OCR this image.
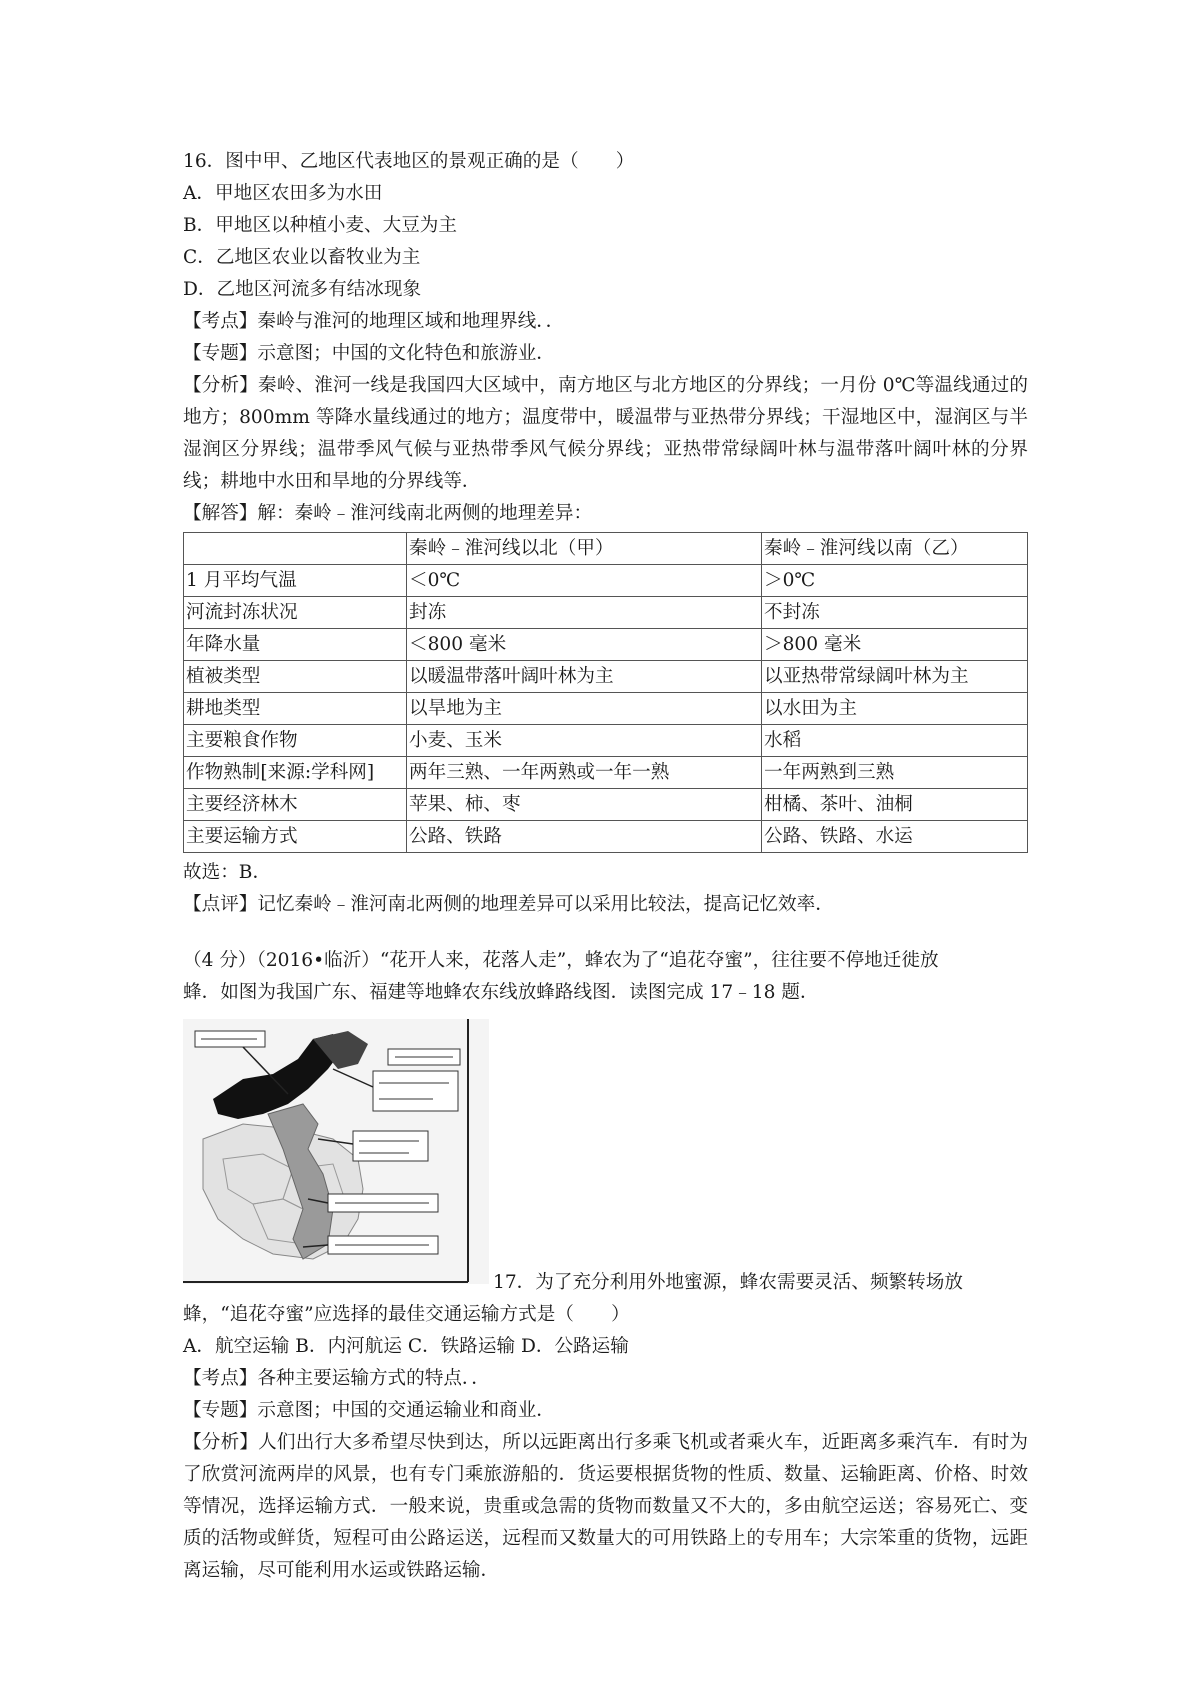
16．图中甲、乙地区代表地区的景观正确的是（　　）
A．甲地区农田多为水田
B．甲地区以种植小麦、大豆为主
C．乙地区农业以畜牧业为主
D．乙地区河流多有结冰现象
【考点】秦岭与淮河的地理区域和地理界线．．
【专题】示意图；中国的文化特色和旅游业．
【分析】秦岭、淮河一线是我国四大区域中，南方地区与北方地区的分界线；一月份 0℃等温线通过的地方；800mm 等降水量线通过的地方；温度带中，暖温带与亚热带分界线；干湿地区中，湿润区与半湿润区分界线；温带季风气候与亚热带季风气候分界线；亚热带常绿阔叶林与温带落叶阔叶林的分界线；耕地中水田和旱地的分界线等．
【解答】解：秦岭﹣淮河线南北两侧的地理差异：
	秦岭﹣淮河线以北（甲）	秦岭﹣淮河线以南（乙）
1 月平均气温	＜0℃	＞0℃
河流封冻状况	封冻	不封冻
年降水量	＜800 毫米	＞800 毫米
植被类型	以暖温带落叶阔叶林为主	以亚热带常绿阔叶林为主
耕地类型	以旱地为主	以水田为主
主要粮食作物	小麦、玉米	水稻
作物熟制[来源:学科网]	两年三熟、一年两熟或一年一熟	一年两熟到三熟
主要经济林木	苹果、柿、枣	柑橘、茶叶、油桐
主要运输方式	公路、铁路	公路、铁路、水运
故选：B．
【点评】记忆秦岭﹣淮河南北两侧的地理差异可以采用比较法，提高记忆效率．
（4 分）（2016•临沂）“花开人来，花落人走”，蜂农为了“追花夺蜜”，往往要不停地迁徙放
蜂．如图为我国广东、福建等地蜂农东线放蜂路线图．读图完成 17﹣18 题．
17．为了充分利用外地蜜源，蜂农需要灵活、频繁转场放
蜂，“追花夺蜜”应选择的最佳交通运输方式是（　　）
A．航空运输 B．内河航运 C．铁路运输 D．公路运输
【考点】各种主要运输方式的特点．．
【专题】示意图；中国的交通运输业和商业．
【分析】人们出行大多希望尽快到达，所以远距离出行多乘飞机或者乘火车，近距离多乘汽车．有时为了欣赏河流两岸的风景，也有专门乘旅游船的．货运要根据货物的性质、数量、运输距离、价格、时效等情况，选择运输方式．一般来说，贵重或急需的货物而数量又不大的，多由航空运送；容易死亡、变质的活物或鲜货，短程可由公路运送，远程而又数量大的可用铁路上的专用车；大宗笨重的货物，远距离运输，尽可能利用水运或铁路运输．
